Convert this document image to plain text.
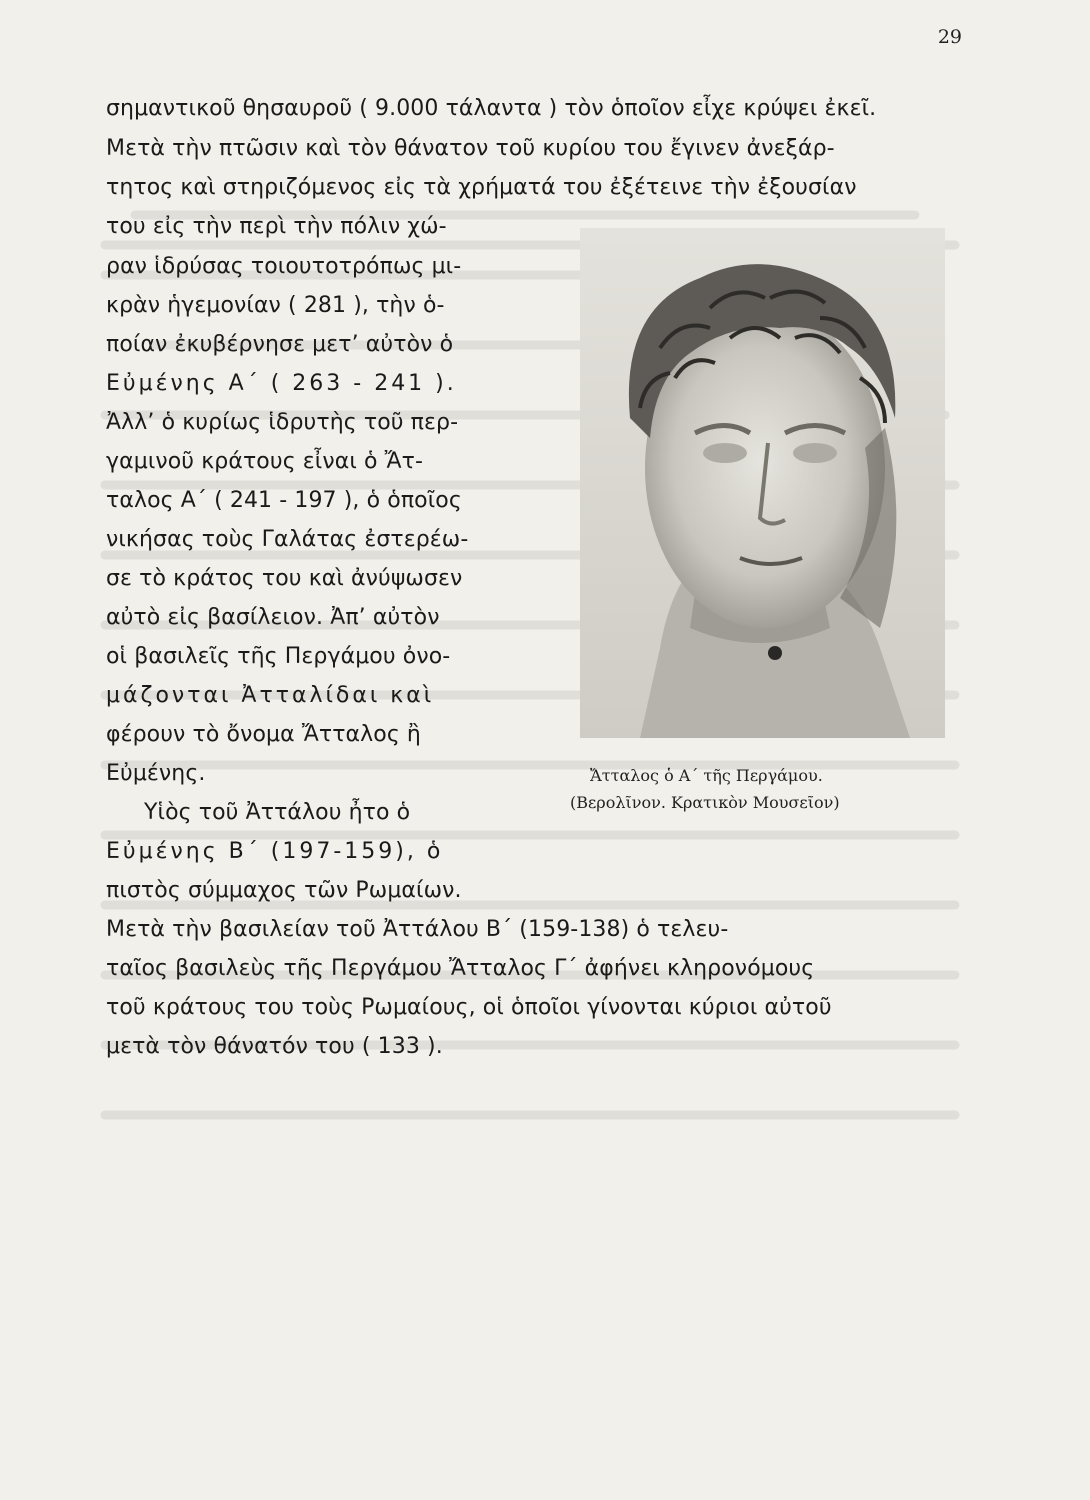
29
σημαντικοῦ θησαυροῦ ( 9.000 τάλαντα ) τὸν ὁποῖον εἶχε κρύψει ἐκεῖ.
Μετὰ τὴν πτῶσιν καὶ τὸν θάνατον τοῦ κυρίου του ἔγινεν ἀνεξάρ-
τητος καὶ στηριζόμενος εἰς τὰ χρήματά του ἐξέτεινε τὴν ἐξουσίαν
του εἰς τὴν περὶ τὴν πόλιν χώ-
ραν ἱδρύσας τοιουτοτρόπως μι-
κρὰν ἡγεμονίαν ( 281 ), τὴν ὁ-
ποίαν ἐκυβέρνησε μετ’ αὐτὸν ὁ
Εὐμένης Α΄ ( 263 - 241 ).
Ἀλλ’ ὁ κυρίως ἱδρυτὴς τοῦ περ-
γαμινοῦ κράτους εἶναι ὁ Ἄτ-
ταλος Α΄ ( 241 - 197 ), ὁ ὁποῖος
νικήσας τοὺς Γαλάτας ἐστερέω-
σε τὸ κράτος του καὶ ἀνύψωσεν
αὐτὸ εἰς βασίλειον. Ἀπ’ αὐτὸν
οἱ βασιλεῖς τῆς Περγάμου ὀνο-
μάζονται Ἀτταλίδαι καὶ
φέρουν τὸ ὄνομα Ἄτταλος ἢ
Εὐμένης.
Υἱὸς τοῦ Ἀττάλου ἦτο ὁ
Εὐμένης Β΄ (197-159), ὁ
πιστὸς σύμμαχος τῶν Ρωμαίων.
Μετὰ τὴν βασιλείαν τοῦ Ἀττάλου Β΄ (159-138) ὁ τελευ-
ταῖος βασιλεὺς τῆς Περγάμου Ἄτταλος Γ΄ ἀφήνει κληρονόμους
τοῦ κράτους του τοὺς Ρωμαίους, οἱ ὁποῖοι γίνονται κύριοι αὐτοῦ
μετὰ τὸν θάνατόν του ( 133 ).
Ἄτταλος ὁ Α΄ τῆς Περγάμου.
(Βερολῖνον. Κρατικὸν Μουσεῖον)
